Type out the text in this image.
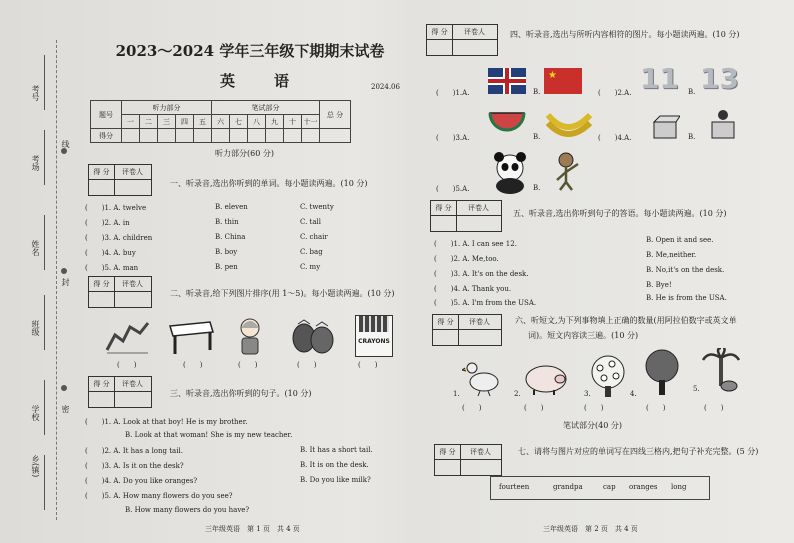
考号
考场
姓名
班级
学校
乡(镇)
线
封
密
2023～2024 学年三年级下期期末试卷
英　语	2024.06
题号	听力部分					笔试部分						总 分
	一	二	三	四	五	六	七	八	九	十	十一	
得分												
听力部分(60 分)
得 分	评卷人
一、听录音,选出你听到的单词。每小题读两遍。(10 分)
(　　)1. A. twelve	B. eleven	C. twenty
(　　)2. A. in	B. thin	C. tall
(　　)3. A. children	B. China	C. chair
(　　)4. A. buy	B. boy	C. bag
(　　)5. A. man	B. pen	C. my
得 分	评卷人
二、听录音,给下列图片排序(用 1～5)。每小题读两遍。(10 分)
CRAYONS
(　　)	(　　)	(　　)	(　　)	(　　)
得 分	评卷人
三、听录音,选出你听到的句子。(10 分)
(　　)1. A. Look at that boy! He is my brother.
B. Look at that woman! She is my new teacher.
(　　)2. A. It has a long tail.	B. It has a short tail.
(　　)3. A. Is it on the desk?	B. It is on the desk.
(　　)4. A. Do you like oranges?	B. Do you like milk?
(　　)5. A. How many flowers do you see?
B. How many flowers do you have?
三年级英语　第 1 页　共 4 页
得 分	评卷人	四、听录音,选出与所听内容相符的图片。每小题读两遍。(10 分)
(　　)1.A.	B.
★
(　　)2.A. 11 B. 13
(　　)3.A.	B.	(　　)4.A.	B.
(　　)5.A.	B.
得 分	评卷人
五、听录音,选出你听到句子的答语。每小题读两遍。(10 分)
(　　)1. A. I can see 12.	B. Open it and see.
(　　)2. A. Me,too.	B. Me,neither.
(　　)3. A. It's on the desk.	B. No,it's on the desk.
(　　)4. A. Thank you.	B. Bye!
(　　)5. A. I'm from the USA.
B. He is from the USA.
得 分	评卷人	六、听短文,为下列事物填上正确的数量(用阿拉伯数字或英文单
词)。短文内容读三遍。(10 分)
1.	2.	3.	4.
5.
(　　)	(　　)	(　　)	(　　)	(　　)
笔试部分(40 分)
得 分	评卷人	七、请将与图片对应的单词写在四线三格内,把句子补充完整。(5 分)
fourteen	grandpa	cap oranges long
三年级英语　第 2 页　共 4 页
